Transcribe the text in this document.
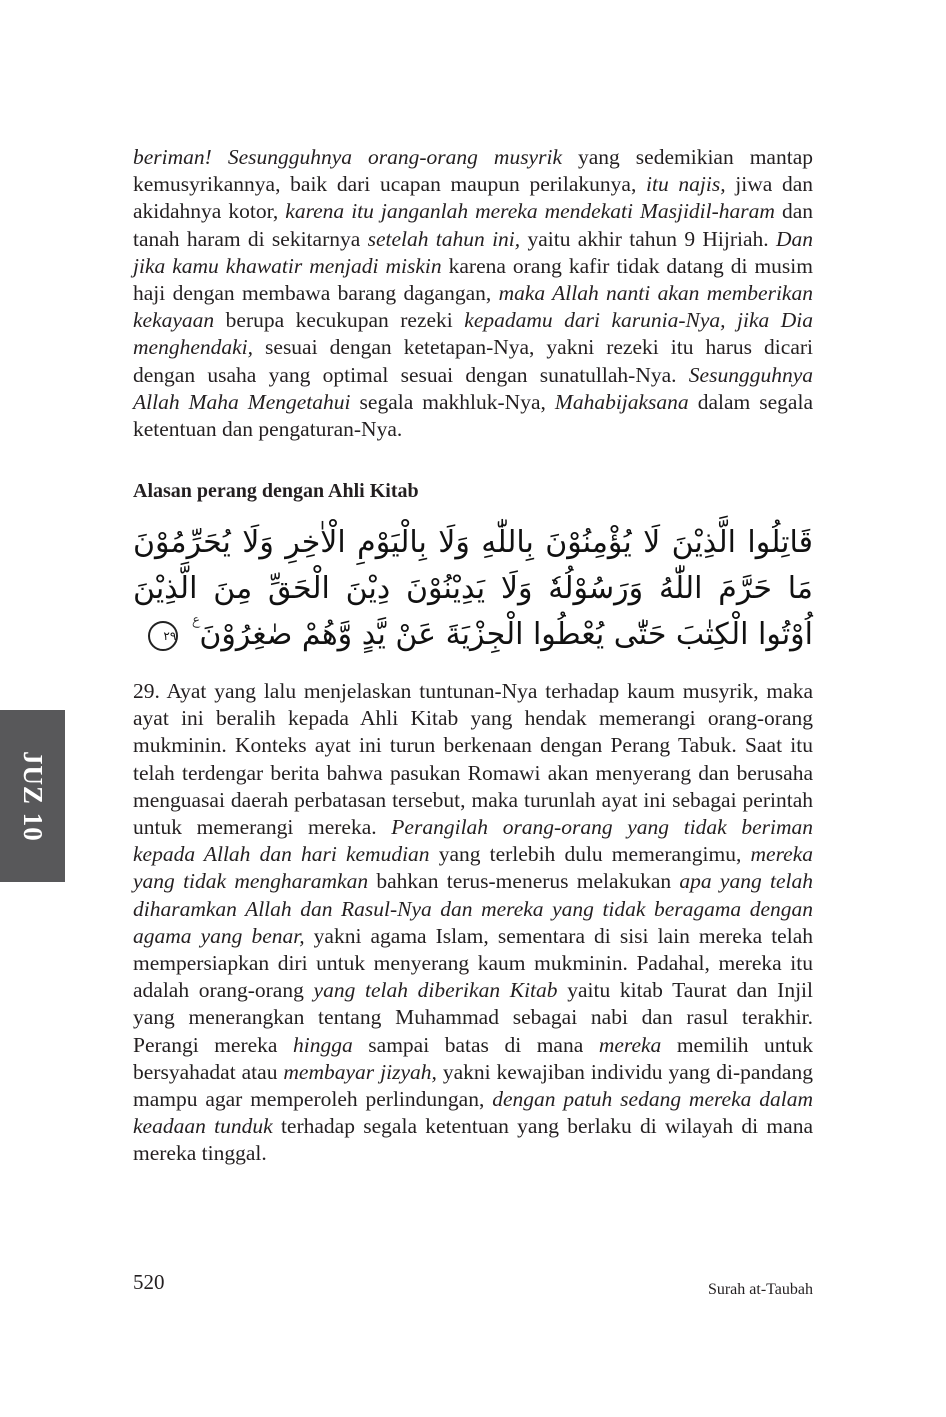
beriman! Sesungguhnya orang-orang musyrik yang sedemikian mantap kemusyrikannya, baik dari ucapan maupun perilakunya, itu najis, jiwa dan akidahnya kotor, karena itu janganlah mereka mendekati Masjidil-haram dan tanah haram di sekitarnya setelah tahun ini, yaitu akhir tahun 9 Hijriah. Dan jika kamu khawatir menjadi miskin karena orang kafir tidak datang di musim haji dengan membawa barang dagangan, maka Allah nanti akan memberikan kekayaan berupa kecukupan rezeki kepadamu dari karunia-Nya, jika Dia menghendaki, sesuai dengan ketetapan-Nya, yakni rezeki itu harus dicari dengan usaha yang optimal sesuai dengan sunatullah-Nya. Sesungguhnya Allah Maha Mengetahui segala makhluk-Nya, Mahabijaksana dalam segala ketentuan dan pengaturan-Nya.
Alasan perang dengan Ahli Kitab
قَاتِلُوا الَّذِيْنَ لَا يُؤْمِنُوْنَ بِاللّٰهِ وَلَا بِالْيَوْمِ الْاٰخِرِ وَلَا يُحَرِّمُوْنَ مَا حَرَّمَ اللّٰهُ وَرَسُوْلُهٗ وَلَا يَدِيْنُوْنَ دِيْنَ الْحَقِّ مِنَ الَّذِيْنَ اُوْتُوا الْكِتٰبَ حَتّٰى يُعْطُوا الْجِزْيَةَ عَنْ يَّدٍ وَّهُمْ صٰغِرُوْنَ ࣖ ٢٩
29. Ayat yang lalu menjelaskan tuntunan-Nya terhadap kaum musyrik, maka ayat ini beralih kepada Ahli Kitab yang hendak memerangi orang-orang mukminin. Konteks ayat ini turun berkenaan dengan Perang Tabuk. Saat itu telah terdengar berita bahwa pasukan Romawi akan menyerang dan berusaha menguasai daerah perbatasan tersebut, maka turunlah ayat ini sebagai perintah untuk memerangi mereka. Perangilah orang-orang yang tidak beriman kepada Allah dan hari kemudian yang terlebih dulu memerangimu, mereka yang tidak mengharamkan bahkan terus-menerus melakukan apa yang telah diharamkan Allah dan Rasul-Nya dan mereka yang tidak beragama dengan agama yang benar, yakni agama Islam, sementara di sisi lain mereka telah mempersiapkan diri untuk menyerang kaum mukminin. Padahal, mereka itu adalah orang-orang yang telah diberikan Kitab yaitu kitab Taurat dan Injil yang menerangkan tentang Muhammad sebagai nabi dan rasul terakhir. Perangi mereka hingga sampai batas di mana mereka memilih untuk bersyahadat atau membayar jizyah, yakni kewajiban individu yang di-pandang mampu agar memperoleh perlindungan, dengan patuh sedang mereka dalam keadaan tunduk terhadap segala ketentuan yang berlaku di wilayah di mana mereka tinggal.
JUZ 10
520	Surah at-Taubah
